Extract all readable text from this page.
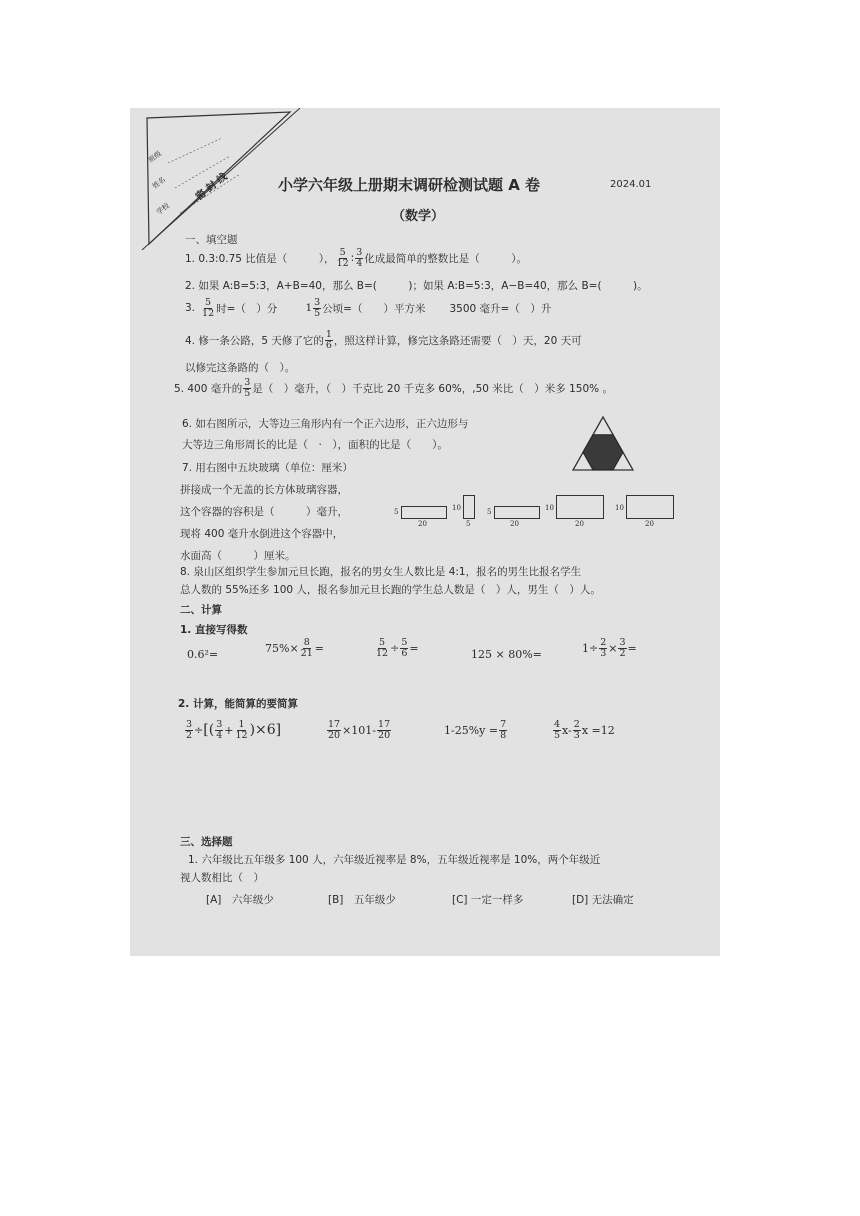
班级
姓名
学校
密 封 线	小学六年级上册期末调研检测试题 A 卷	2024.01
（数学）
一、填空题
1. 0.3:0.75 比值是（　　　）， $\frac{5}{12}$ : $\frac{3}{4}$ 化成最简单的整数比是（　　　）。
2. 如果 A:B=5:3，A+B=40，那么 B=(　　　)；如果 A:B=5:3，A−B=40，那么 B=(　　　)。
3. $\frac{5}{12}$ 时=（　）分	$1 \frac{3}{5}$ 公顷=（　　）平方米 3500 毫升=（　）升
4. 修一条公路，5 天修了它的 $\frac{1}{6}$ ，照这样计算，修完这条路还需要（　）天，20 天可
以修完这条路的（　）。
5. 400 毫升的 $\frac{3}{5}$ 是（　）毫升，（　）千克比 20 千克多 60%，,50 米比（　）米多 150% 。
6. 如右图所示，大等边三角形内有一个正六边形，正六边形与
大等边三角形周长的比是（　·　），面积的比是（　　）。
7. 用右图中五块玻璃（单位：厘米）
拼接成一个无盖的长方体玻璃容器，
这个容器的容积是（　　　）毫升，
现将 400 毫升水倒进这个容器中，
水面高（　　　）厘米。
5
20
10
5
5
20
10
20
10
20
8. 泉山区组织学生参加元旦长跑，报名的男女生人数比是 4:1，报名的男生比报名学生
总人数的 55%还多 100 人，报名参加元旦长跑的学生总人数是（　）人，男生（　）人。
二、计算
1. 直接写得数
0.6²=	$75\%\times \frac{8}{21}$ =	$\frac{5}{12} \div \frac{5}{6}$ =	125 × 80%=	$1\div \frac{2}{3} \times \frac{3}{2}$ =
2. 计算，能简算的要简算
$\frac{3}{2}$ ÷ [( $\frac{3}{4} + \frac{1}{12} )\times 6$]	$\frac{17}{20} \times 101- \frac{17}{20}$	$1-25\%y = \frac{7}{8}$	$\frac{4}{5} x- \frac{2}{3}$ x =12
三、选择题
1. 六年级比五年级多 100 人，六年级近视率是 8%，五年级近视率是 10%，两个年级近
视人数相比（　）
[A]　六年级少	[B]　五年级少	[C] 一定一样多	[D] 无法确定
